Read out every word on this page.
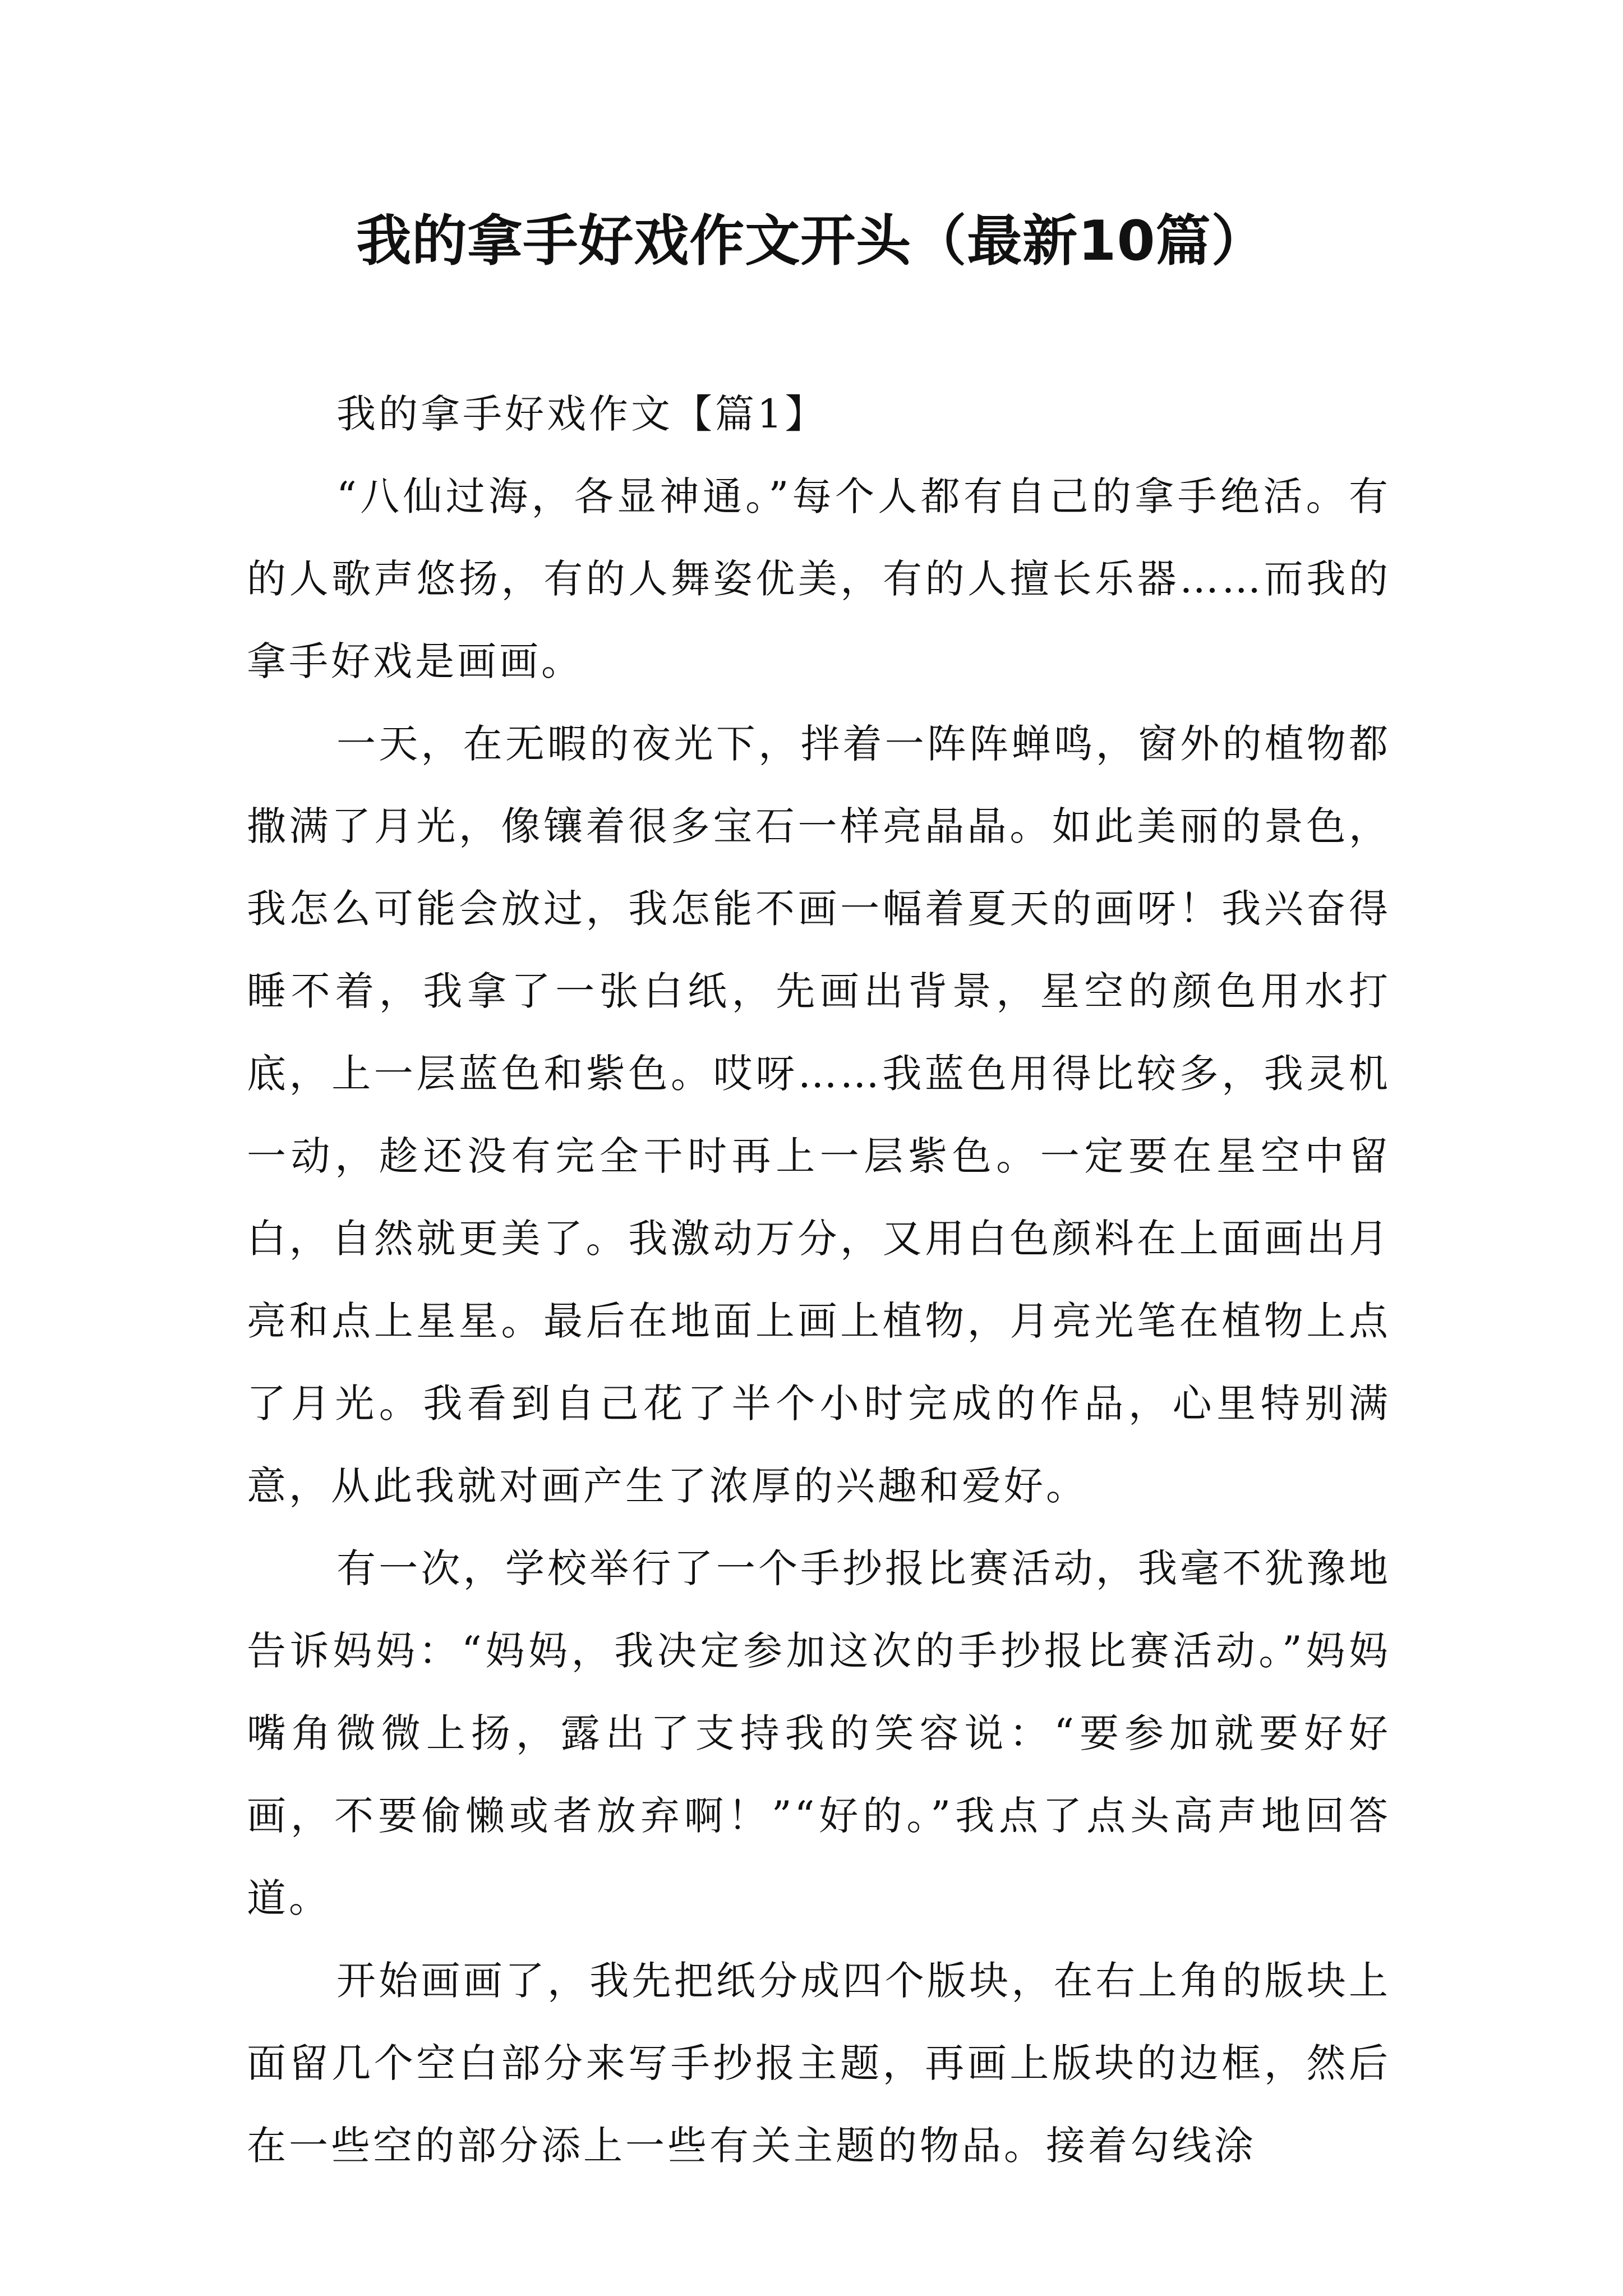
我的拿手好戏作文开头（最新10篇）

我的拿手好戏作文【篇1】

“八仙过海，各显神通。”每个人都有自己的拿手绝活。有的人歌声悠扬，有的人舞姿优美，有的人擅长乐器……而我的拿手好戏是画画。

一天，在无暇的夜光下，拌着一阵阵蝉鸣，窗外的植物都撒满了月光，像镶着很多宝石一样亮晶晶。如此美丽的景色，我怎么可能会放过，我怎能不画一幅着夏天的画呀！我兴奋得睡不着，我拿了一张白纸，先画出背景，星空的颜色用水打底，上一层蓝色和紫色。哎呀……我蓝色用得比较多，我灵机一动，趁还没有完全干时再上一层紫色。一定要在星空中留白，自然就更美了。我激动万分，又用白色颜料在上面画出月亮和点上星星。最后在地面上画上植物，月亮光笔在植物上点了月光。我看到自己花了半个小时完成的作品，心里特别满意，从此我就对画产生了浓厚的兴趣和爱好。

有一次，学校举行了一个手抄报比赛活动，我毫不犹豫地告诉妈妈：“妈妈，我决定参加这次的手抄报比赛活动。”妈妈嘴角微微上扬，露出了支持我的笑容说：“要参加就要好好画，不要偷懒或者放弃啊！”“好的。”我点了点头高声地回答道。

开始画画了，我先把纸分成四个版块，在右上角的版块上面留几个空白部分来写手抄报主题，再画上版块的边框，然后在一些空的部分添上一些有关主题的物品。接着勾线涂
